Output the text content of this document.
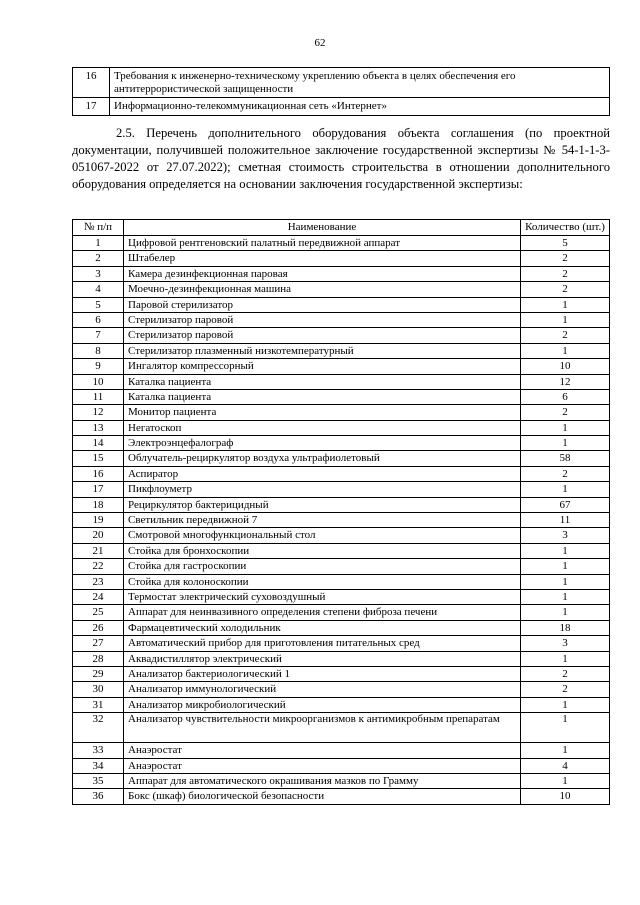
62
16	Требования к инженерно-техническому укреплению объекта в целях обеспечения его антитеррористической защищенности
17	Информационно-телекоммуникационная сеть «Интернет»
2.5. Перечень дополнительного оборудования объекта соглашения (по проектной документации, получившей положительное заключение государственной экспертизы № 54-1-1-3-051067-2022 от 27.07.2022); сметная стоимость строительства в отношении дополнительного оборудования определяется на основании заключения государственной экспертизы:
№ п/п	Наименование	Количество (шт.)
1	Цифровой рентгеновский палатный передвижной аппарат	5
2	Штабелер	2
3	Камера дезинфекционная паровая	2
4	Моечно-дезинфекционная машина	2
5	Паровой стерилизатор	1
6	Стерилизатор паровой	1
7	Стерилизатор паровой	2
8	Стерилизатор плазменный низкотемпературный	1
9	Ингалятор компрессорный	10
10	Каталка пациента	12
11	Каталка пациента	6
12	Монитор пациента	2
13	Негатоскоп	1
14	Электроэнцефалограф	1
15	Облучатель-рециркулятор воздуха ультрафиолетовый	58
16	Аспиратор	2
17	Пикфлоуметр	1
18	Рециркулятор бактерицидный	67
19	Светильник передвижной 7	11
20	Смотровой многофункциональный стол	3
21	Стойка для бронхоскопии	1
22	Стойка для гастроскопии	1
23	Стойка для колоноскопии	1
24	Термостат электрический суховоздушный	1
25	Аппарат для неинвазивного определения степени фиброза печени	1
26	Фармацевтический холодильник	18
27	Автоматический прибор для приготовления питательных сред	3
28	Аквадистиллятор электрический	1
29	Анализатор бактериологический 1	2
30	Анализатор иммунологический	2
31	Анализатор микробиологический	1
32	Анализатор чувствительности микроорганизмов к антимикробным препаратам	1
33	Анаэростат	1
34	Анаэростат	4
35	Аппарат для автоматического окрашивания мазков по Грамму	1
36	Бокс (шкаф) биологической безопасности	10
